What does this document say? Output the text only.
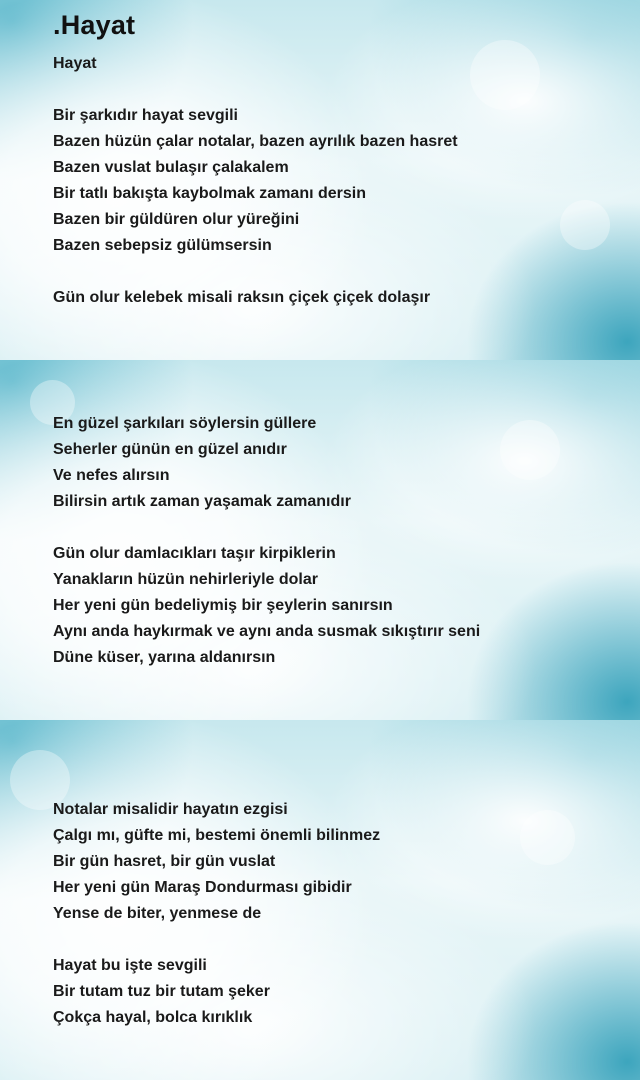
.Hayat
Hayat
Bir şarkıdır hayat sevgili
Bazen hüzün çalar notalar, bazen ayrılık bazen hasret
Bazen vuslat bulaşır çalakalem
Bir tatlı bakışta kaybolmak zamanı dersin
Bazen bir güldüren olur yüreğini
Bazen sebepsiz gülümsersin
Gün olur kelebek misali raksın çiçek çiçek dolaşır
En güzel şarkıları söylersin güllere
Seherler günün en güzel anıdır
Ve nefes alırsın
Bilirsin artık zaman yaşamak zamanıdır
Gün olur damlacıkları taşır kirpiklerin
Yanakların hüzün nehirleriyle dolar
Her yeni gün bedeliymiş bir şeylerin sanırsın
Aynı anda haykırmak ve aynı anda susmak sıkıştırır seni
Düne küser, yarına aldanırsın
Notalar misalidir hayatın ezgisi
Çalgı mı, güfte mi, bestemi önemli bilinmez
Bir gün hasret, bir gün vuslat
Her yeni gün Maraş Dondurması gibidir
Yense de biter, yenmese de
Hayat bu işte sevgili
Bir tutam tuz bir tutam şeker
Çokça hayal, bolca kırıklık
